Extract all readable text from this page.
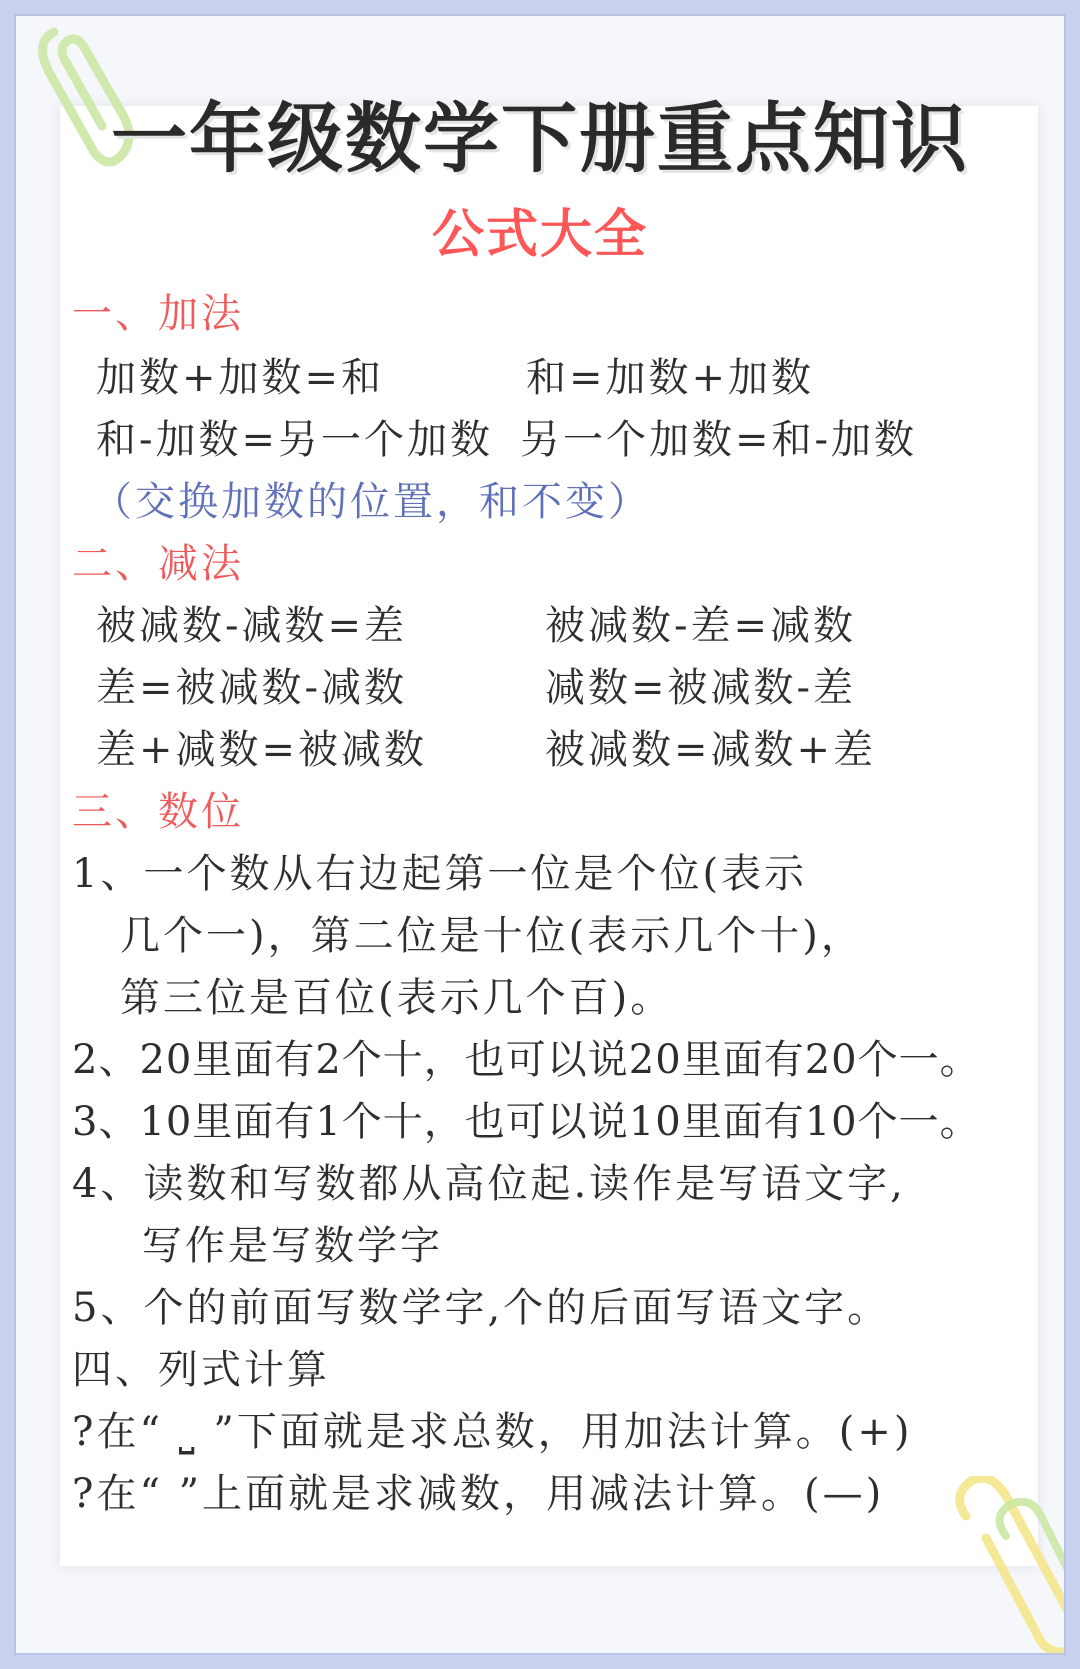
一年级数学下册重点知识
公式大全
一、加法
加数+加数=和	和=加数+加数
和-加数=另一个加数 另一个加数=和-加数
（交换加数的位置，和不变）
二、减法
被减数-减数=差	被减数-差=减数
差=被减数-减数	减数=被减数-差
差+减数=被减数	被减数=减数+差
三、数位
1、一个数从右边起第一位是个位(表示
几个一)，第二位是十位(表示几个十)，
第三位是百位(表示几个百)。
2、20里面有2个十，也可以说20里面有20个一。
3、10里面有1个十，也可以说10里面有10个一。
4、读数和写数都从高位起.读作是写语文字,
写作是写数学字
5、个的前面写数学字,个的后面写语文字。
四、列式计算
?在“ ⎵ ”下面就是求总数，用加法计算。(+)
?在“ ”上面就是求减数，用减法计算。(—)
